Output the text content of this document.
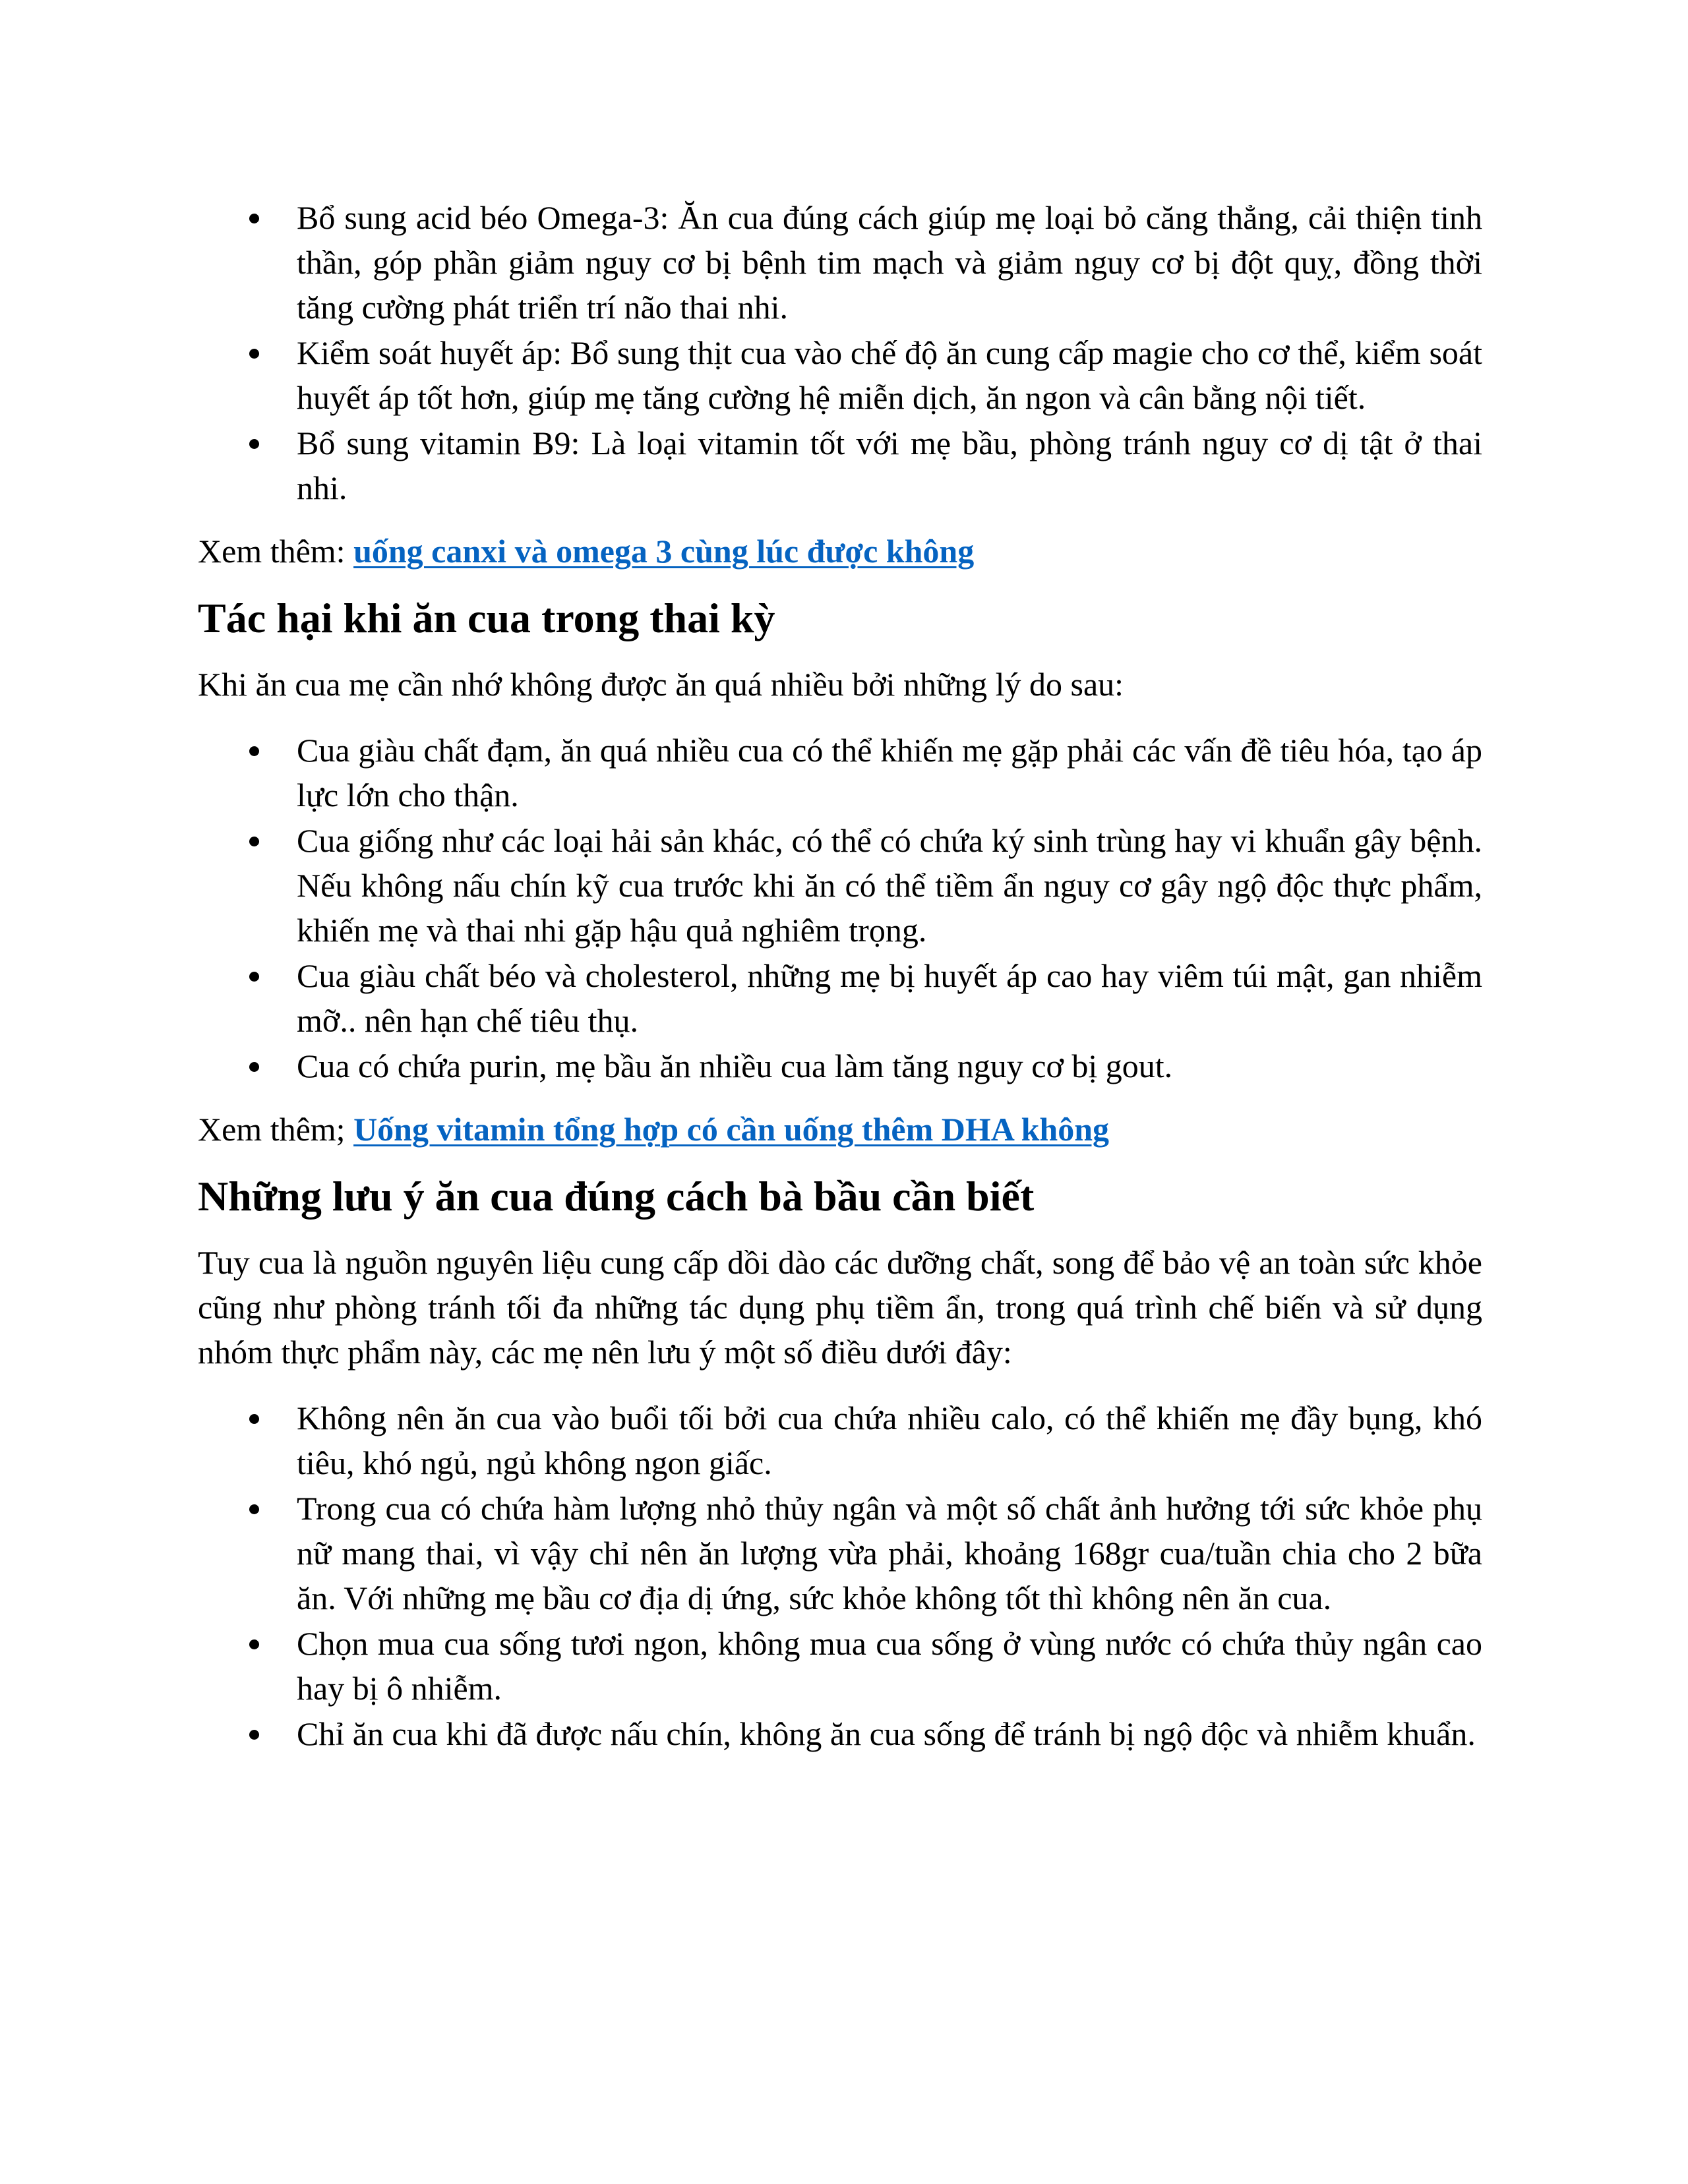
Bổ sung acid béo Omega-3: Ăn cua đúng cách giúp mẹ loại bỏ căng thẳng, cải thiện tinh thần, góp phần giảm nguy cơ bị bệnh tim mạch và giảm nguy cơ bị đột quỵ, đồng thời tăng cường phát triển trí não thai nhi.
Kiểm soát huyết áp: Bổ sung thịt cua vào chế độ ăn cung cấp magie cho cơ thể, kiểm soát huyết áp tốt hơn, giúp mẹ tăng cường hệ miễn dịch, ăn ngon và cân bằng nội tiết.
Bổ sung vitamin B9: Là loại vitamin tốt với mẹ bầu, phòng tránh nguy cơ dị tật ở thai nhi.

Xem thêm: uống canxi và omega 3 cùng lúc được không

Tác hại khi ăn cua trong thai kỳ

Khi ăn cua mẹ cần nhớ không được ăn quá nhiều bởi những lý do sau:

Cua giàu chất đạm, ăn quá nhiều cua có thể khiến mẹ gặp phải các vấn đề tiêu hóa, tạo áp lực lớn cho thận.
Cua giống như các loại hải sản khác, có thể có chứa ký sinh trùng hay vi khuẩn gây bệnh. Nếu không nấu chín kỹ cua trước khi ăn có thể tiềm ẩn nguy cơ gây ngộ độc thực phẩm, khiến mẹ và thai nhi gặp hậu quả nghiêm trọng.
Cua giàu chất béo và cholesterol, những mẹ bị huyết áp cao hay viêm túi mật, gan nhiễm mỡ.. nên hạn chế tiêu thụ.
Cua có chứa purin, mẹ bầu ăn nhiều cua làm tăng nguy cơ bị gout.

Xem thêm; Uống vitamin tổng hợp có cần uống thêm DHA không

Những lưu ý ăn cua đúng cách bà bầu cần biết

Tuy cua là nguồn nguyên liệu cung cấp dồi dào các dưỡng chất, song để bảo vệ an toàn sức khỏe cũng như phòng tránh tối đa những tác dụng phụ tiềm ẩn, trong quá trình chế biến và sử dụng nhóm thực phẩm này, các mẹ nên lưu ý một số điều dưới đây:

Không nên ăn cua vào buổi tối bởi cua chứa nhiều calo, có thể khiến mẹ đầy bụng, khó tiêu, khó ngủ, ngủ không ngon giấc.
Trong cua có chứa hàm lượng nhỏ thủy ngân và một số chất ảnh hưởng tới sức khỏe phụ nữ mang thai, vì vậy chỉ nên ăn lượng vừa phải, khoảng 168gr cua/tuần chia cho 2 bữa ăn. Với những mẹ bầu cơ địa dị ứng, sức khỏe không tốt thì không nên ăn cua.
Chọn mua cua sống tươi ngon, không mua cua sống ở vùng nước có chứa thủy ngân cao hay bị ô nhiễm.
Chỉ ăn cua khi đã được nấu chín, không ăn cua sống để tránh bị ngộ độc và nhiễm khuẩn.
